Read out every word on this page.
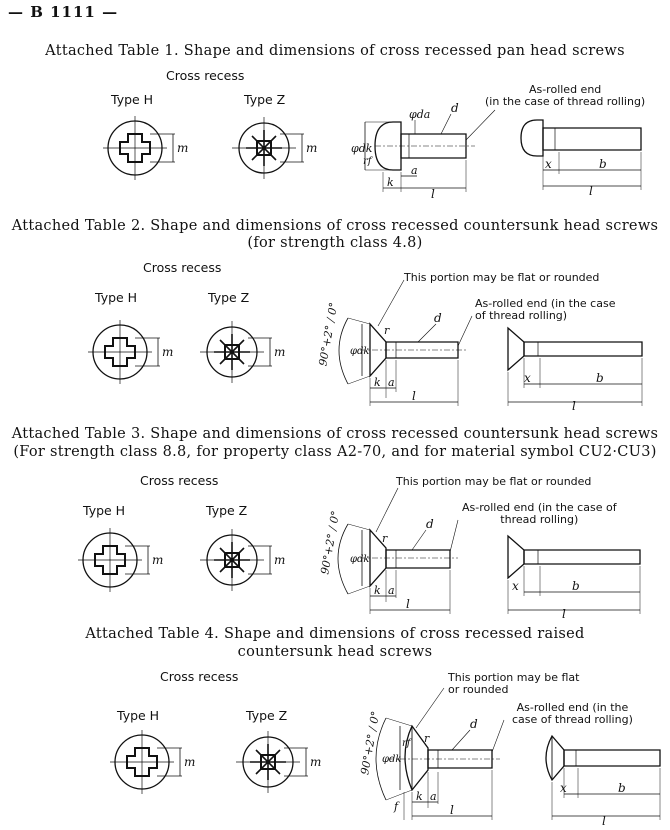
— B 1111 —
Attached Table 1. Shape and dimensions of cross recessed pan head screws
Cross recess
Type H	Type Z
As-rolled end
(in the case of thread rolling)
m	m	φdk
φda d
rf
k
a
l
x	b
l
Attached Table 2. Shape and dimensions of cross recessed countersunk head screws
(for strength class 4.8)
Cross recess
Type H	Type Z
This portion may be flat or rounded
As-rolled end (in the case
of thread rolling)
m	m	90°+2° / 0° φdk
r
d
k a
l
x	b
l
Attached Table 3. Shape and dimensions of cross recessed countersunk head screws
(For strength class 8.8, for property class A2-70, and for material symbol CU2·CU3)
Cross recess
Type H	Type Z
This portion may be flat or rounded
As-rolled end (in the case of
thread rolling)
m	m	90°+2° / 0° φdk
r
d
k a
l
x	b
l
Attached Table 4. Shape and dimensions of cross recessed raised
countersunk head screws
Cross recess
Type H	Type Z
This portion may be flat
or rounded
As-rolled end (in the
case of thread rolling)
m	m	90°+2° / 0° φdk
rf r
d
f
k a
l
x	b
l
